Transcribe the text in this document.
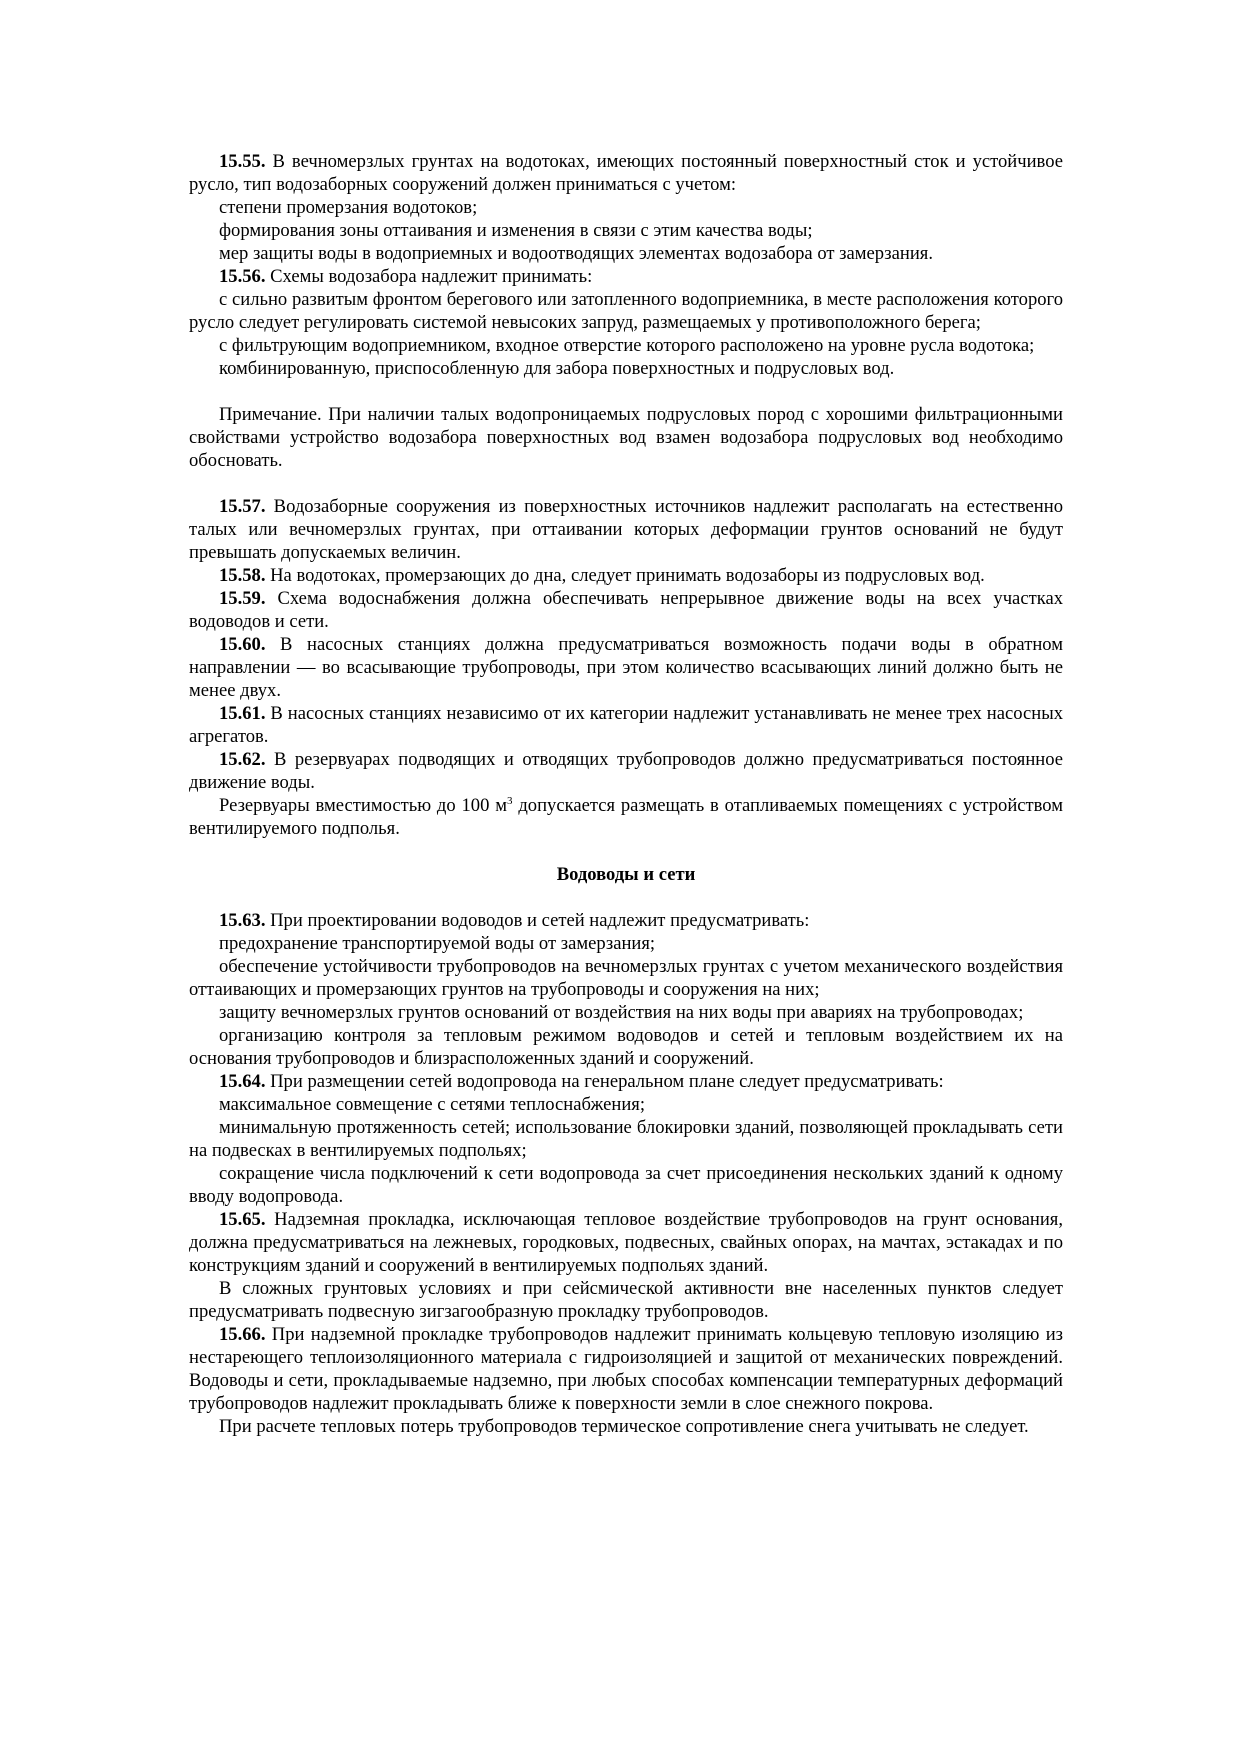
15.55. В вечномерзлых грунтах на водотоках, имеющих постоянный поверхностный сток и устойчивое русло, тип водозаборных сооружений должен приниматься с учетом:

степени промерзания водотоков;

формирования зоны оттаивания и изменения в связи с этим качества воды;

мер защиты воды в водоприемных и водоотводящих элементах водозабора от замерзания.

15.56. Схемы водозабора надлежит принимать:

с сильно развитым фронтом берегового или затопленного водоприемника, в месте расположения которого русло следует регулировать системой невысоких запруд, размещаемых у противоположного берега;

с фильтрующим водоприемником, входное отверстие которого расположено на уровне русла водотока;

комбинированную, приспособленную для забора поверхностных и подрусловых вод.

Примечание. При наличии талых водопроницаемых подрусловых пород с хорошими фильтрационными свойствами устройство водозабора поверхностных вод взамен водозабора подрусловых вод необходимо обосновать.

15.57. Водозаборные сооружения из поверхностных источников надлежит располагать на естественно талых или вечномерзлых грунтах, при оттаивании которых деформации грунтов оснований не будут превышать допускаемых величин.

15.58. На водотоках, промерзающих до дна, следует принимать водозаборы из подрусловых вод.

15.59. Схема водоснабжения должна обеспечивать непрерывное движение воды на всех участках водоводов и сети.

15.60. В насосных станциях должна предусматриваться возможность подачи воды в обратном направлении — во всасывающие трубопроводы, при этом количество всасывающих линий должно быть не менее двух.

15.61. В насосных станциях независимо от их категории надлежит устанавливать не менее трех насосных агрегатов.

15.62. В резервуарах подводящих и отводящих трубопроводов должно предусматриваться постоянное движение воды.

Резервуары вместимостью до 100 $м^3$ допускается размещать в отапливаемых помещениях с устройством вентилируемого подполья.

Водоводы и сети

15.63. При проектировании водоводов и сетей надлежит предусматривать:

предохранение транспортируемой воды от замерзания;

обеспечение устойчивости трубопроводов на вечномерзлых грунтах с учетом механического воздействия оттаивающих и промерзающих грунтов на трубопроводы и сооружения на них;

защиту вечномерзлых грунтов оснований от воздействия на них воды при авариях на трубопроводах;

организацию контроля за тепловым режимом водоводов и сетей и тепловым воздействием их на основания трубопроводов и близрасположенных зданий и сооружений.

15.64. При размещении сетей водопровода на генеральном плане следует предусматривать:

максимальное совмещение с сетями теплоснабжения;

минимальную протяженность сетей; использование блокировки зданий, позволяющей прокладывать сети на подвесках в вентилируемых подпольях;

сокращение числа подключений к сети водопровода за счет присоединения нескольких зданий к одному вводу водопровода.

15.65. Надземная прокладка, исключающая тепловое воздействие трубопроводов на грунт основания, должна предусматриваться на лежневых, городковых, подвесных, свайных опорах, на мачтах, эстакадах и по конструкциям зданий и сооружений в вентилируемых подпольях зданий.

В сложных грунтовых условиях и при сейсмической активности вне населенных пунктов следует предусматривать подвесную зигзагообразную прокладку трубопроводов.

15.66. При надземной прокладке трубопроводов надлежит принимать кольцевую тепловую изоляцию из нестареющего теплоизоляционного материала с гидроизоляцией и защитой от механических повреждений. Водоводы и сети, прокладываемые надземно, при любых способах компенсации температурных деформаций трубопроводов надлежит прокладывать ближе к поверхности земли в слое снежного покрова.

При расчете тепловых потерь трубопроводов термическое сопротивление снега учитывать не следует.
